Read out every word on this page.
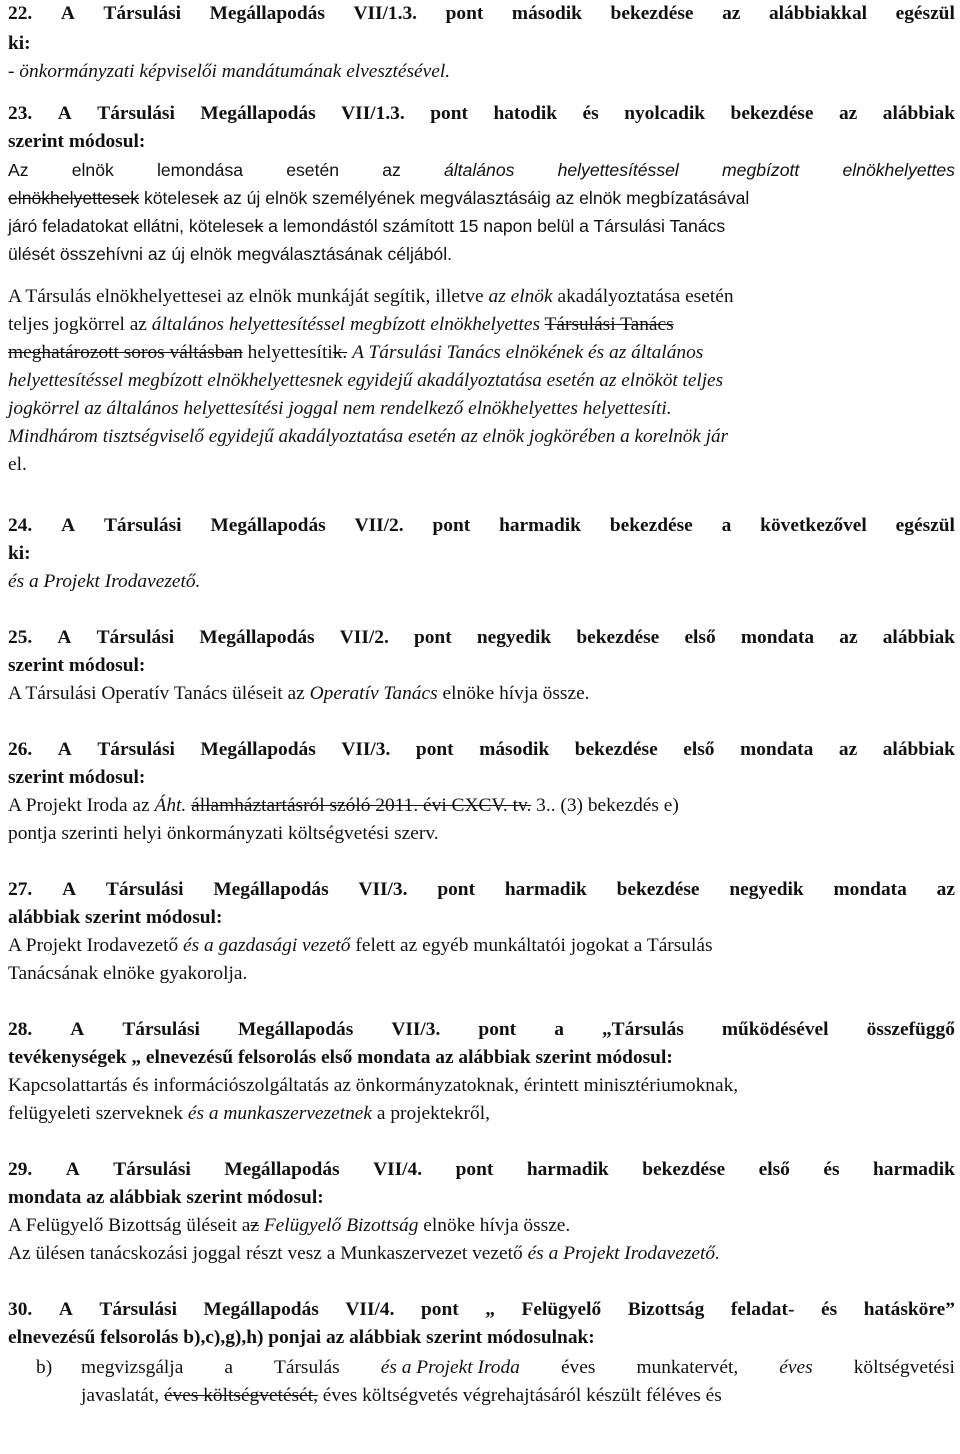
22. A Társulási Megállapodás VII/1.3. pont második bekezdése az alábbiakkal egészül
ki:
- önkormányzati képviselői mandátumának elvesztésével.
23. A Társulási Megállapodás VII/1.3. pont hatodik és nyolcadik bekezdése az alábbiak
szerint módosul:
Az elnök lemondása esetén az általános helyettesítéssel megbízott elnökhelyettes
elnökhelyettesek kötelesek az új elnök személyének megválasztásáig az elnök megbízatásával
járó feladatokat ellátni, kötelesek a lemondástól számított 15 napon belül a Társulási Tanács
ülését összehívni az új elnök megválasztásának céljából.
A Társulás elnökhelyettesei az elnök munkáját segítik, illetve az elnök akadályoztatása esetén
teljes jogkörrel az általános helyettesítéssel megbízott elnökhelyettes Társulási Tanács
meghatározott soros váltásban helyettesítik. A Társulási Tanács elnökének és az általános
helyettesítéssel megbízott elnökhelyettesnek egyidejű akadályoztatása esetén az elnököt teljes
jogkörrel az általános helyettesítési joggal nem rendelkező elnökhelyettes helyettesíti.
Mindhárom tisztségviselő egyidejű akadályoztatása esetén az elnök jogkörében a korelnök jár
el.
24. A Társulási Megállapodás VII/2. pont harmadik bekezdése a következővel egészül
ki:
és a Projekt Irodavezető.
25. A Társulási Megállapodás VII/2. pont negyedik bekezdése első mondata az alábbiak
szerint módosul:
A Társulási Operatív Tanács üléseit az Operatív Tanács elnöke hívja össze.
26. A Társulási Megállapodás VII/3. pont második bekezdése első mondata az alábbiak
szerint módosul:
A Projekt Iroda az Áht. államháztartásról szóló 2011. évi CXCV. tv. 3.. (3) bekezdés e)
pontja szerinti helyi önkormányzati költségvetési szerv.
27. A Társulási Megállapodás VII/3. pont harmadik bekezdése negyedik mondata az
alábbiak szerint módosul:
A Projekt Irodavezető és a gazdasági vezető felett az egyéb munkáltatói jogokat a Társulás
Tanácsának elnöke gyakorolja.
28. A Társulási Megállapodás VII/3. pont a „Társulás működésével összefüggő
tevékenységek „ elnevezésű felsorolás első mondata az alábbiak szerint módosul:
Kapcsolattartás és információszolgáltatás az önkormányzatoknak, érintett minisztériumoknak,
felügyeleti szerveknek és a munkaszervezetnek a projektekről,
29. A Társulási Megállapodás VII/4. pont harmadik bekezdése első és harmadik
mondata az alábbiak szerint módosul:
A Felügyelő Bizottság üléseit az Felügyelő Bizottság elnöke hívja össze.
Az ülésen tanácskozási joggal részt vesz a Munkaszervezet vezető és a Projekt Irodavezető.
30. A Társulási Megállapodás VII/4. pont „ Felügyelő Bizottság feladat- és hatásköre”
elnevezésű felsorolás b),c),g),h) ponjai az alábbiak szerint módosulnak:
b) megvizsgálja a Társulás és a Projekt Iroda éves munkatervét, éves költségvetési
javaslatát, éves költségvetését, éves költségvetés végrehajtásáról készült féléves és
